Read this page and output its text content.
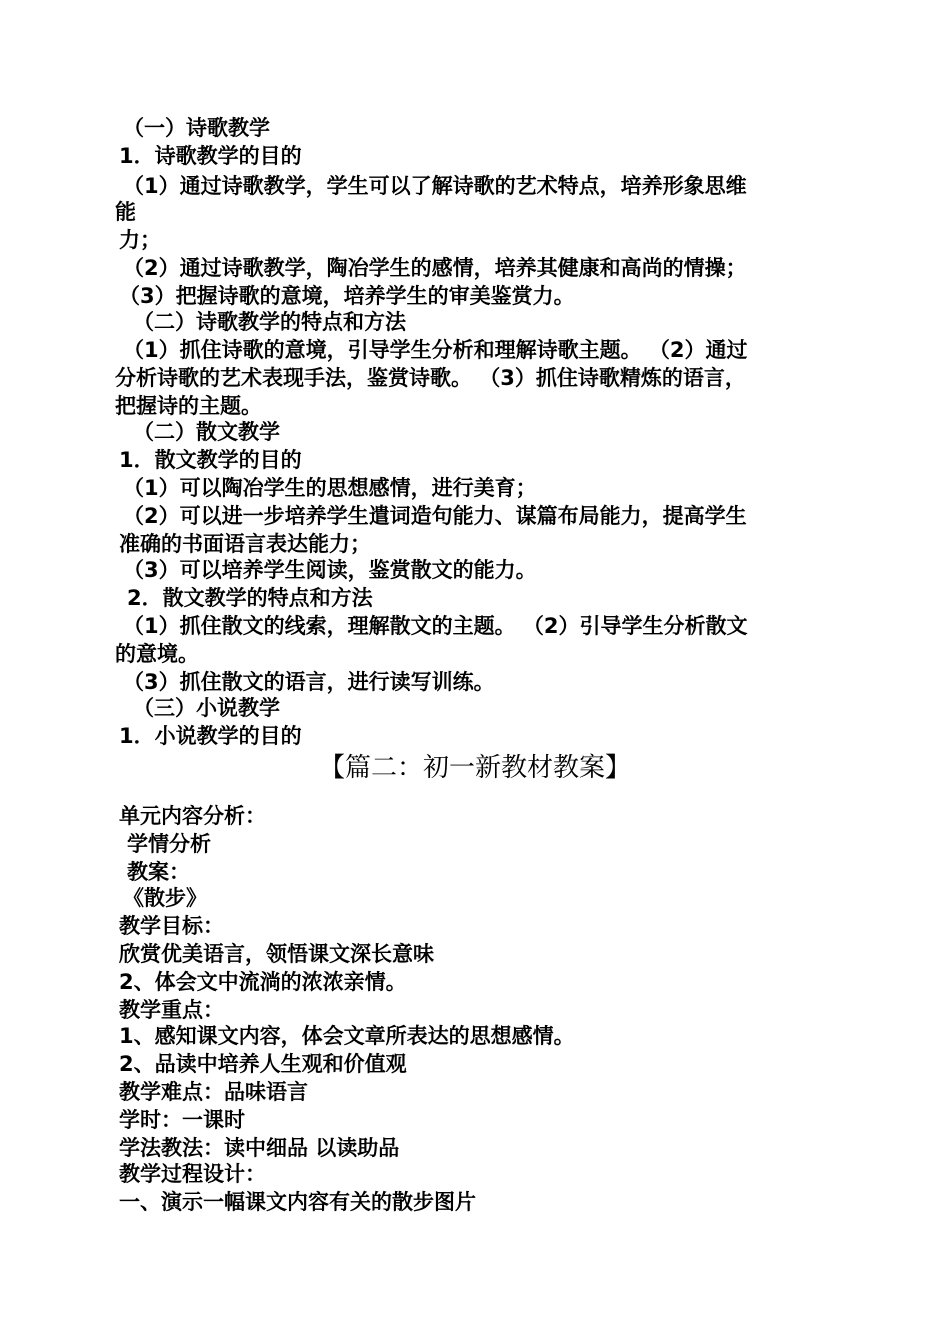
（一）诗歌教学
1．诗歌教学的目的
（1）通过诗歌教学，学生可以了解诗歌的艺术特点，培养形象思维
能
力；
（2）通过诗歌教学，陶冶学生的感情，培养其健康和高尚的情操；
（3）把握诗歌的意境，培养学生的审美鉴赏力。
（二）诗歌教学的特点和方法
（1）抓住诗歌的意境，引导学生分析和理解诗歌主题。 （2）通过
分析诗歌的艺术表现手法，鉴赏诗歌。 （3）抓住诗歌精炼的语言，
把握诗的主题。
（二）散文教学
1．散文教学的目的
（1）可以陶冶学生的思想感情，进行美育；
（2）可以进一步培养学生遣词造句能力、谋篇布局能力，提高学生
准确的书面语言表达能力；
（3）可以培养学生阅读，鉴赏散文的能力。
2．散文教学的特点和方法
（1）抓住散文的线索，理解散文的主题。 （2）引导学生分析散文
的意境。
（3）抓住散文的语言，进行读写训练。
（三）小说教学
1．小说教学的目的
【篇二：初一新教材教案】
单元内容分析：
学情分析
教案：
《散步》
教学目标：
欣赏优美语言，领悟课文深长意味
2、体会文中流淌的浓浓亲情。
教学重点：
1、感知课文内容，体会文章所表达的思想感情。
2、品读中培养人生观和价值观
教学难点：品味语言
学时：一课时
学法教法：读中细品 以读助品
教学过程设计：
一、演示一幅课文内容有关的散步图片
